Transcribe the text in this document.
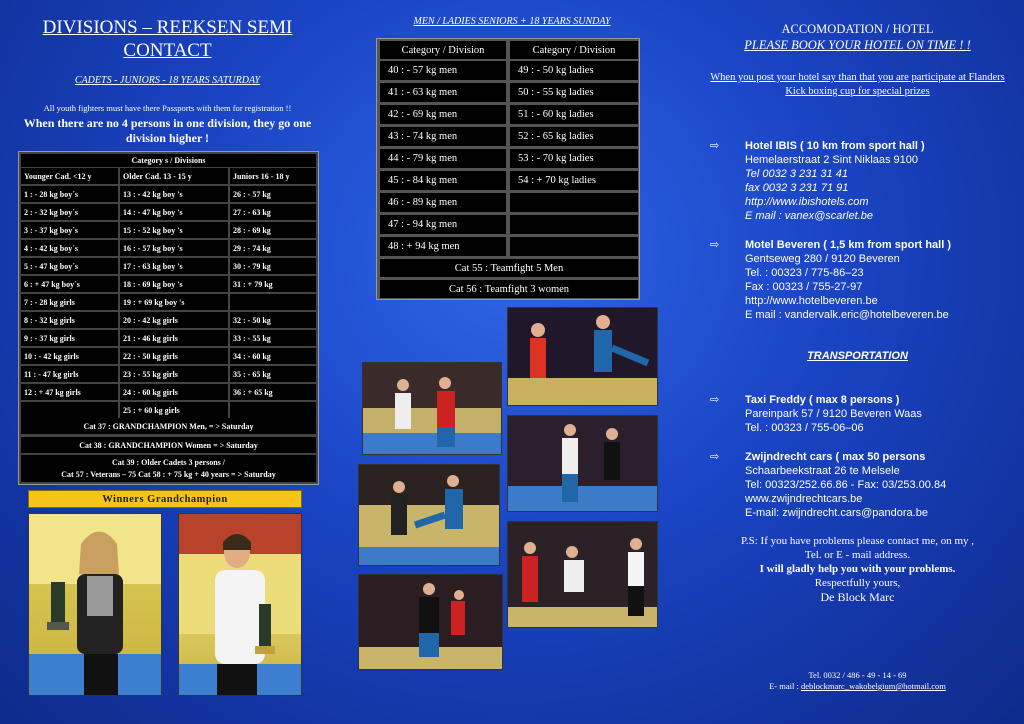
DIVISIONS – REEKSEN SEMI CONTACT
CADETS - JUNIORS - 18 YEARS SATURDAY
All youth fighters must have there Passports with them for registration !!
When there are no 4 persons in one division, they go one division higher !
Category s / Divisions
Younger Cad. <12 y	Older Cad. 13 - 15 y	Juniors 16 - 18 y
1 : - 28 kg boy´s	13 : - 42 kg boy 's	26 : - 57 kg
2 : - 32 kg boy´s	14 : - 47 kg boy 's	27 : - 63 kg
3 : - 37 kg boy´s	15 : - 52 kg boy 's	28 : - 69 kg
4 : - 42 kg boy´s	16 : - 57 kg boy 's	29 : - 74 kg
5 : - 47 kg boy´s	17 : - 63 kg boy 's	30 : - 79 kg
6 : + 47 kg boy´s	18 : - 69 kg boy 's	31 : + 79 kg
7 : - 28 kg girls	19 : + 69 kg boy 's
8 : - 32 kg girls	20 : - 42 kg girls	32 : - 50 kg
9 : - 37 kg girls	21 : - 46 kg girls	33 : - 55 kg
10 : - 42 kg girls	22 : - 50 kg girls	34 : - 60 kg
11 : - 47 kg girls	23 : - 55 kg girls	35 : - 65 kg
12 : + 47 kg girls	24 : - 60 kg girls	36 : + 65 kg
25 : + 60 kg girls
Cat 37 : GRANDCHAMPION Men, = > Saturday
Cat 38 : GRANDCHAMPION Women = > Saturday
Cat 39 : Older Cadets 3 persons /
Cat 57 : Veterans – 75 Cat 58 : + 75 kg + 40 years = > Saturday
Winners Grandchampion
MEN / LADIES SENIORS + 18 YEARS SUNDAY
Category / Division	Category / Division
40 : - 57 kg men	49 : - 50 kg ladies
41 : - 63 kg men	50 : - 55 kg ladies
42 : - 69 kg men	51 : - 60 kg ladies
43 : - 74 kg men	52 : - 65 kg ladies
44 : - 79 kg men	53 : - 70 kg ladies
45 : - 84 kg men	54 : + 70 kg ladies
46 : - 89 kg men
47 : - 94 kg men
48 : + 94 kg men
Cat 55 : Teamfight 5 Men
Cat 56 : Teamfight 3 women
ACCOMODATION / HOTEL
PLEASE BOOK YOUR HOTEL ON TIME ! !
When you post your hotel say than that you are participate at Flanders Kick boxing cup for special prizes
⇨	Hotel IBIS ( 10 km from sport hall )
Hemelaerstraat 2 Sint Niklaas 9100
Tel 0032 3 231 31 41
fax 0032 3 231 71 91
http://www.ibishotels.com
E mail : vanex@scarlet.be
⇨	Motel Beveren ( 1,5 km from sport hall )
Gentseweg 280 / 9120 Beveren
Tel. : 00323 / 775-86–23
Fax : 00323 / 755-27-97
http://www.hotelbeveren.be
E mail : vandervalk.eric@hotelbeveren.be
TRANSPORTATION
⇨	Taxi Freddy ( max 8 persons )
Pareinpark 57 / 9120 Beveren Waas
Tel. : 00323 / 755-06–06
⇨	Zwijndrecht cars ( max 50 persons
Schaarbeekstraat 26 te Melsele
Tel: 00323/252.66.86 - Fax: 03/253.00.84
www.zwijndrechtcars.be
E-mail: zwijndrecht.cars@pandora.be
P.S: If you have problems please contact me, on my ,
Tel. or E - mail address.
I will gladly help you with your problems.
Respectfully yours,
De Block Marc
Tel. 0032 / 486 - 49 - 14 - 69
E- mail : deblockmarc_wakobelgium@hotmail.com
